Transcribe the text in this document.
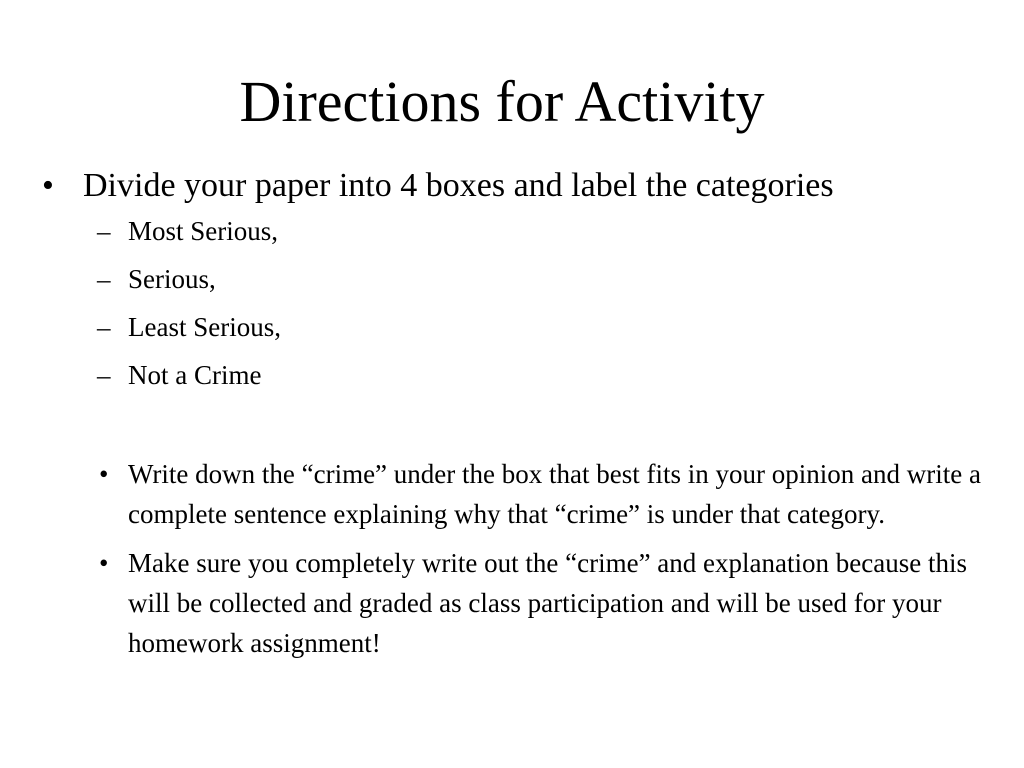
Directions for Activity
• Divide your paper into 4 boxes and label the categories
– Most Serious,
– Serious,
– Least Serious,
– Not a Crime
• Write down the “crime” under the box that best fits in your opinion and write a complete sentence explaining why that “crime” is under that category.
• Make sure you completely write out the “crime” and explanation because this will be collected and graded as class participation and will be used for your homework assignment!
